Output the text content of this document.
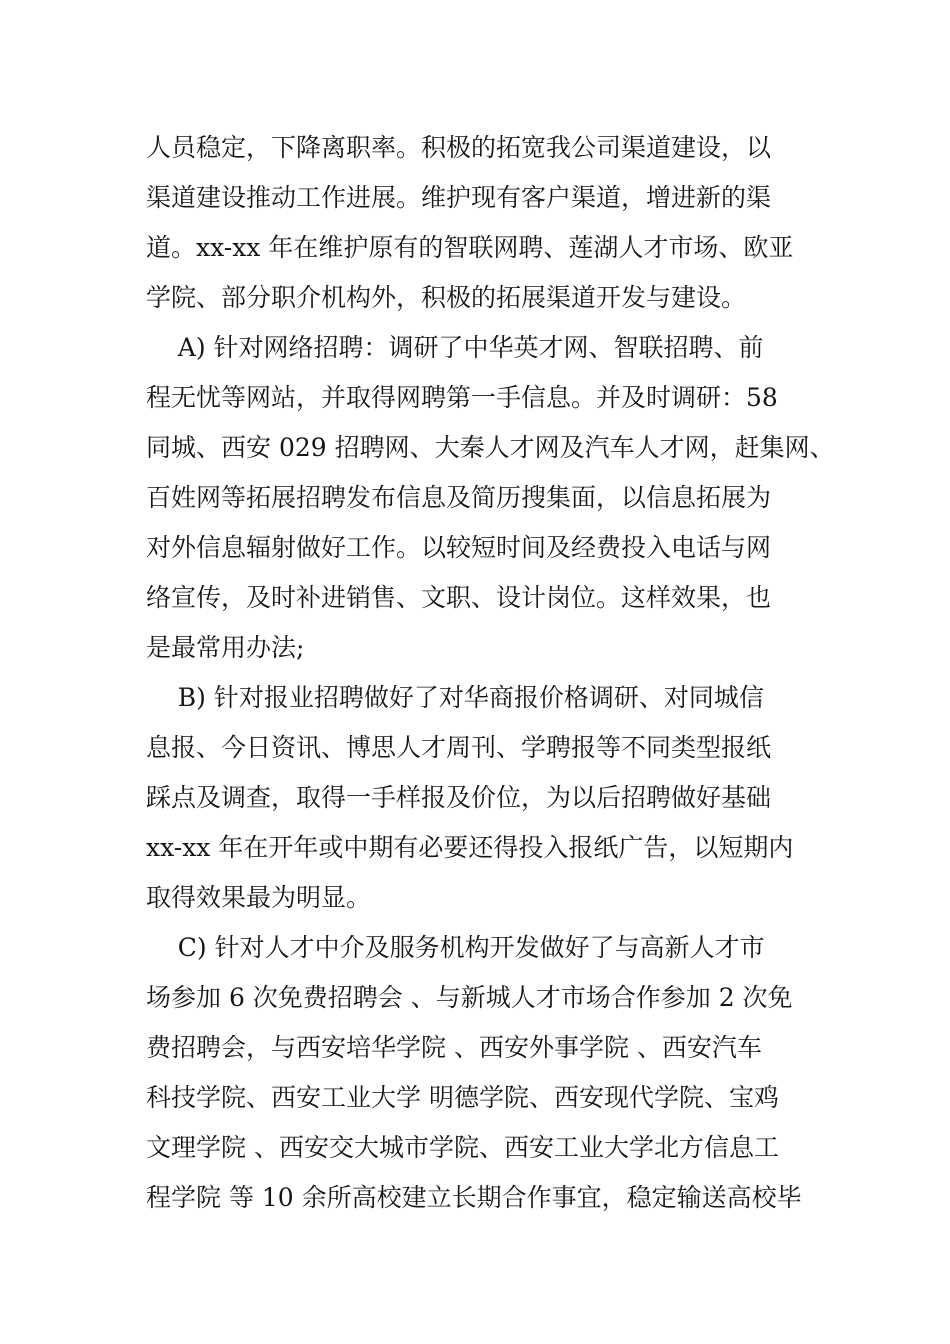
人员稳定，下降离职率。积极的拓宽我公司渠道建设，以
渠道建设推动工作进展。维护现有客户渠道，增进新的渠
道。xx-xx 年在维护原有的智联网聘、莲湖人才市场、欧亚
学院、部分职介机构外，积极的拓展渠道开发与建设。
A) 针对网络招聘：调研了中华英才网、智联招聘、前
程无忧等网站，并取得网聘第一手信息。并及时调研：58
同城、西安 029 招聘网、大秦人才网及汽车人才网，赶集网、
百姓网等拓展招聘发布信息及简历搜集面，以信息拓展为
对外信息辐射做好工作。以较短时间及经费投入电话与网
络宣传，及时补进销售、文职、设计岗位。这样效果，也
是最常用办法;
B) 针对报业招聘做好了对华商报价格调研、对同城信
息报、今日资讯、博思人才周刊、学聘报等不同类型报纸
踩点及调查，取得一手样报及价位，为以后招聘做好基础
xx-xx 年在开年或中期有必要还得投入报纸广告，以短期内
取得效果最为明显。
C) 针对人才中介及服务机构开发做好了与高新人才市
场参加 6 次免费招聘会 、与新城人才市场合作参加 2 次免
费招聘会，与西安培华学院 、西安外事学院 、西安汽车
科技学院、西安工业大学 明德学院、西安现代学院、宝鸡
文理学院 、西安交大城市学院、西安工业大学北方信息工
程学院 等 10 余所高校建立长期合作事宜，稳定输送高校毕
